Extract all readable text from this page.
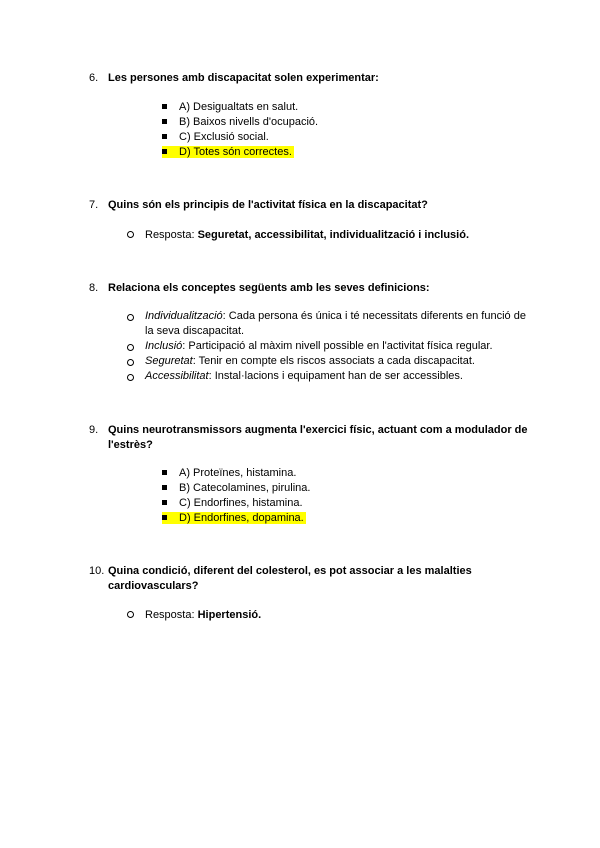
6. Les persones amb discapacitat solen experimentar:
A) Desigualtats en salut.
B) Baixos nivells d'ocupació.
C) Exclusió social.
D) Totes són correctes.
7. Quins són els principis de l'activitat física en la discapacitat?
Resposta: Seguretat, accessibilitat, individualització i inclusió.
8. Relaciona els conceptes següents amb les seves definicions:
Individualització: Cada persona és única i té necessitats diferents en funció de la seva discapacitat.
Inclusió: Participació al màxim nivell possible en l'activitat física regular.
Seguretat: Tenir en compte els riscos associats a cada discapacitat.
Accessibilitat: Instal·lacions i equipament han de ser accessibles.
9. Quins neurotransmissors augmenta l'exercici físic, actuant com a modulador de l'estrès?
A) Proteïnes, histamina.
B) Catecolamines, pirulina.
C) Endorfines, histamina.
D) Endorfines, dopamina.
10. Quina condició, diferent del colesterol, es pot associar a les malalties cardiovasculars?
Resposta: Hipertensió.
